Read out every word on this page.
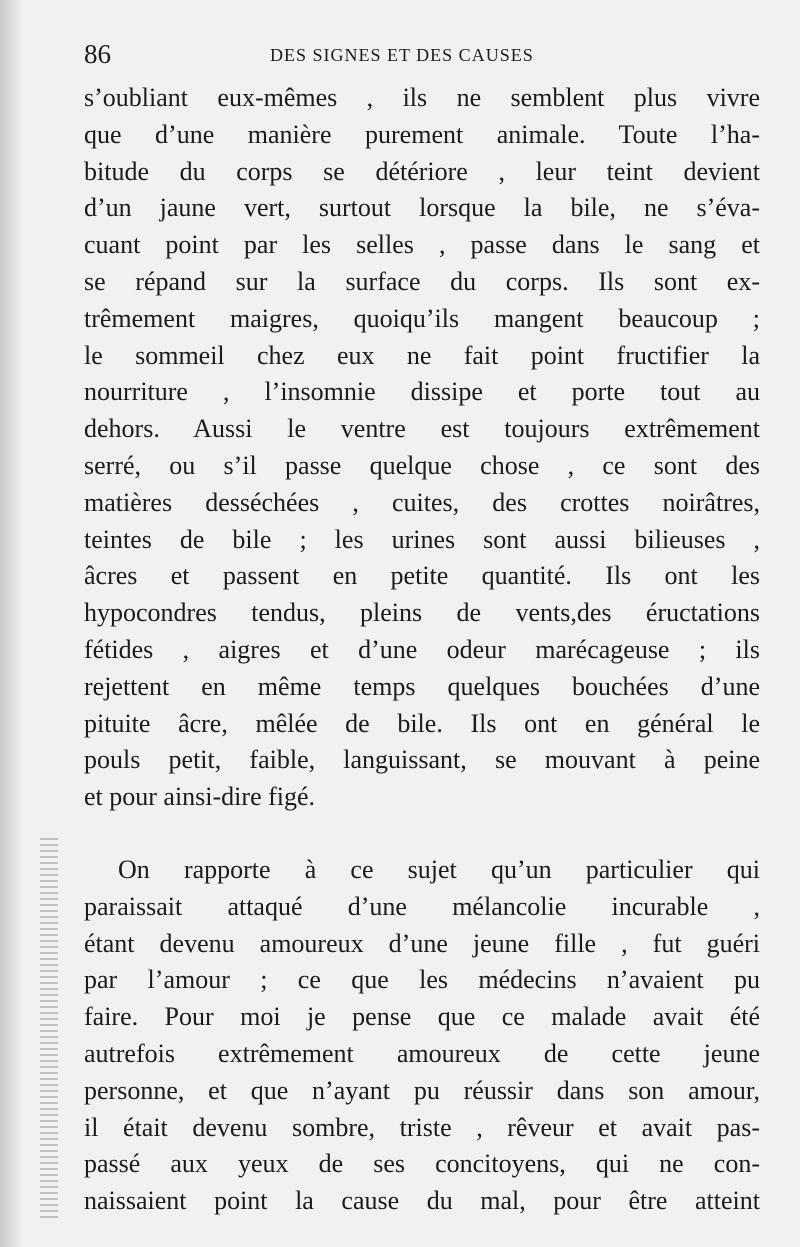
86	DES SIGNES ET DES CAUSES
s’oubliant eux-mêmes , ils ne semblent plus vivre
que d’une manière purement animale. Toute l’ha-
bitude du corps se détériore , leur teint devient
d’un jaune vert, surtout lorsque la bile, ne s’éva-
cuant point par les selles , passe dans le sang et
se répand sur la surface du corps. Ils sont ex-
trêmement maigres, quoiqu’ils mangent beaucoup ;
le sommeil chez eux ne fait point fructifier la
nourriture , l’insomnie dissipe et porte tout au
dehors. Aussi le ventre est toujours extrêmement
serré, ou s’il passe quelque chose , ce sont des
matières desséchées , cuites, des crottes noirâtres,
teintes de bile ; les urines sont aussi bilieuses ,
âcres et passent en petite quantité. Ils ont les
hypocondres tendus, pleins de vents,des éructations
fétides , aigres et d’une odeur marécageuse ; ils
rejettent en même temps quelques bouchées d’une
pituite âcre, mêlée de bile. Ils ont en général le
pouls petit, faible, languissant, se mouvant à peine
et pour ainsi-dire figé.
On rapporte à ce sujet qu’un particulier qui
paraissait attaqué d’une mélancolie incurable ,
étant devenu amoureux d’une jeune fille , fut guéri
par l’amour ; ce que les médecins n’avaient pu
faire. Pour moi je pense que ce malade avait été
autrefois extrêmement amoureux de cette jeune
personne, et que n’ayant pu réussir dans son amour,
il était devenu sombre, triste , rêveur et avait pas-
passé aux yeux de ses concitoyens, qui ne con-
naissaient point la cause du mal, pour être atteint
